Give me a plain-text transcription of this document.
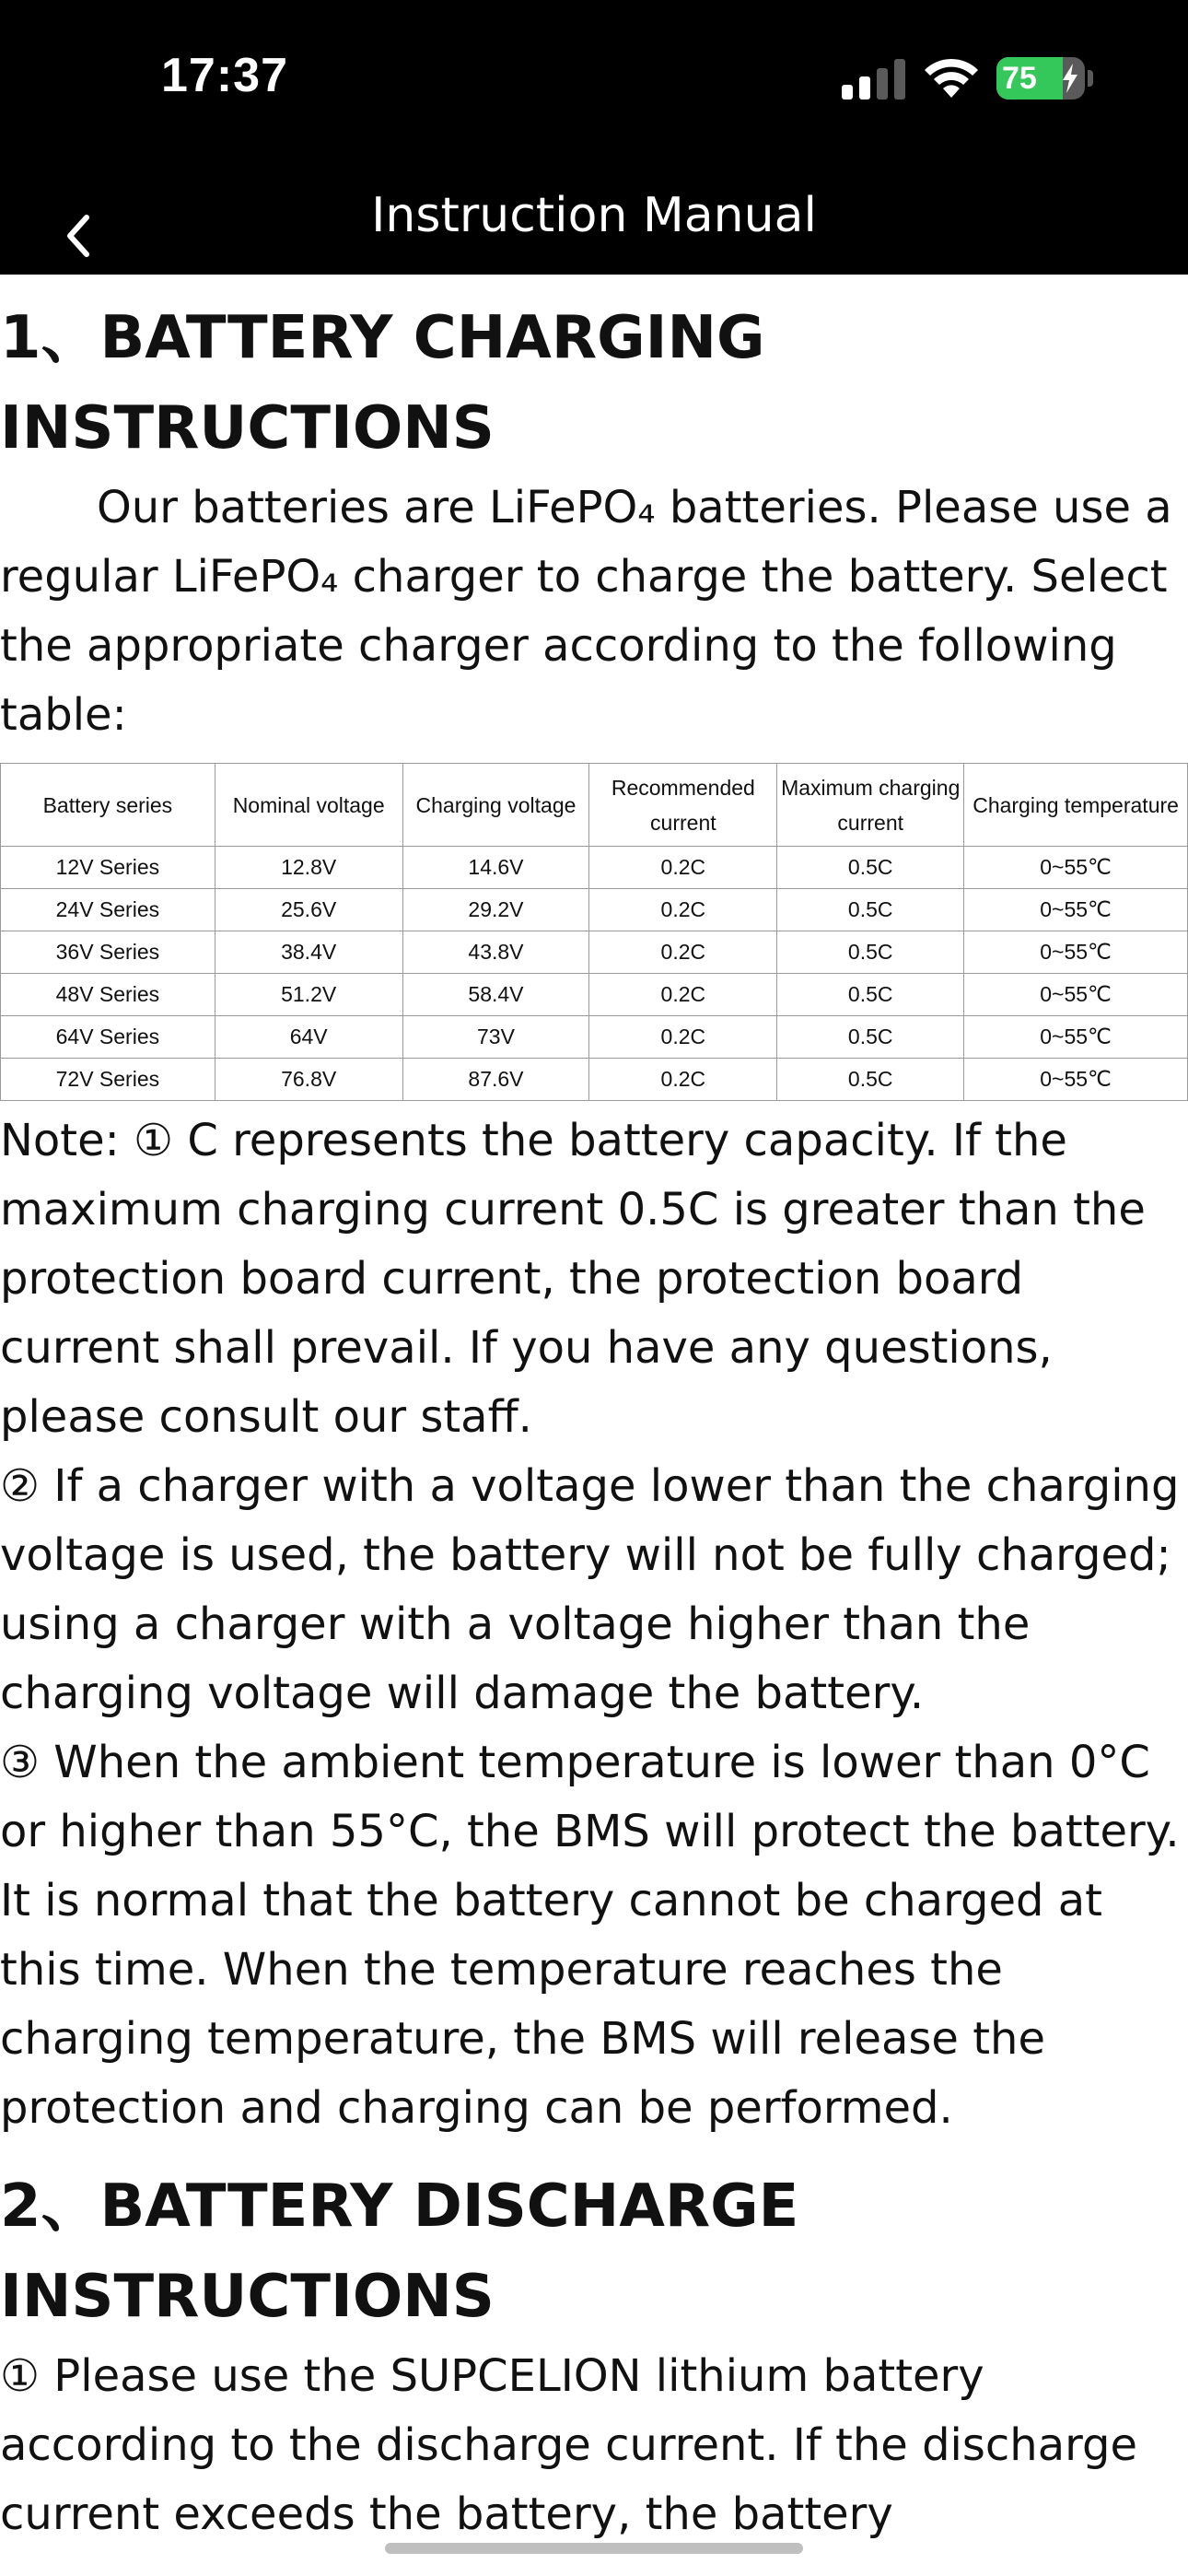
17:37	75
Instruction Manual
1、BATTERY CHARGING INSTRUCTIONS

Our batteries are LiFePO₄ batteries. Please use a regular LiFePO₄ charger to charge the battery. Select the appropriate charger according to the following table:

Battery series	Nominal voltage	Charging voltage	Recommended current	Maximum charging current	Charging temperature
12V Series	12.8V	14.6V	0.2C	0.5C	0~55℃
24V Series	25.6V	29.2V	0.2C	0.5C	0~55℃
36V Series	38.4V	43.8V	0.2C	0.5C	0~55℃
48V Series	51.2V	58.4V	0.2C	0.5C	0~55℃
64V Series	64V	73V	0.2C	0.5C	0~55℃
72V Series	76.8V	87.6V	0.2C	0.5C	0~55℃

Note: ① C represents the battery capacity. If the maximum charging current 0.5C is greater than the protection board current, the protection board current shall prevail. If you have any questions, please consult our staff.

② If a charger with a voltage lower than the charging voltage is used, the battery will not be fully charged; using a charger with a voltage higher than the charging voltage will damage the battery.

③ When the ambient temperature is lower than 0°C or higher than 55°C, the BMS will protect the battery. It is normal that the battery cannot be charged at this time. When the temperature reaches the charging temperature, the BMS will release the protection and charging can be performed.

2、BATTERY DISCHARGE INSTRUCTIONS

① Please use the SUPCELION lithium battery according to the discharge current. If the discharge current exceeds the battery, the battery
